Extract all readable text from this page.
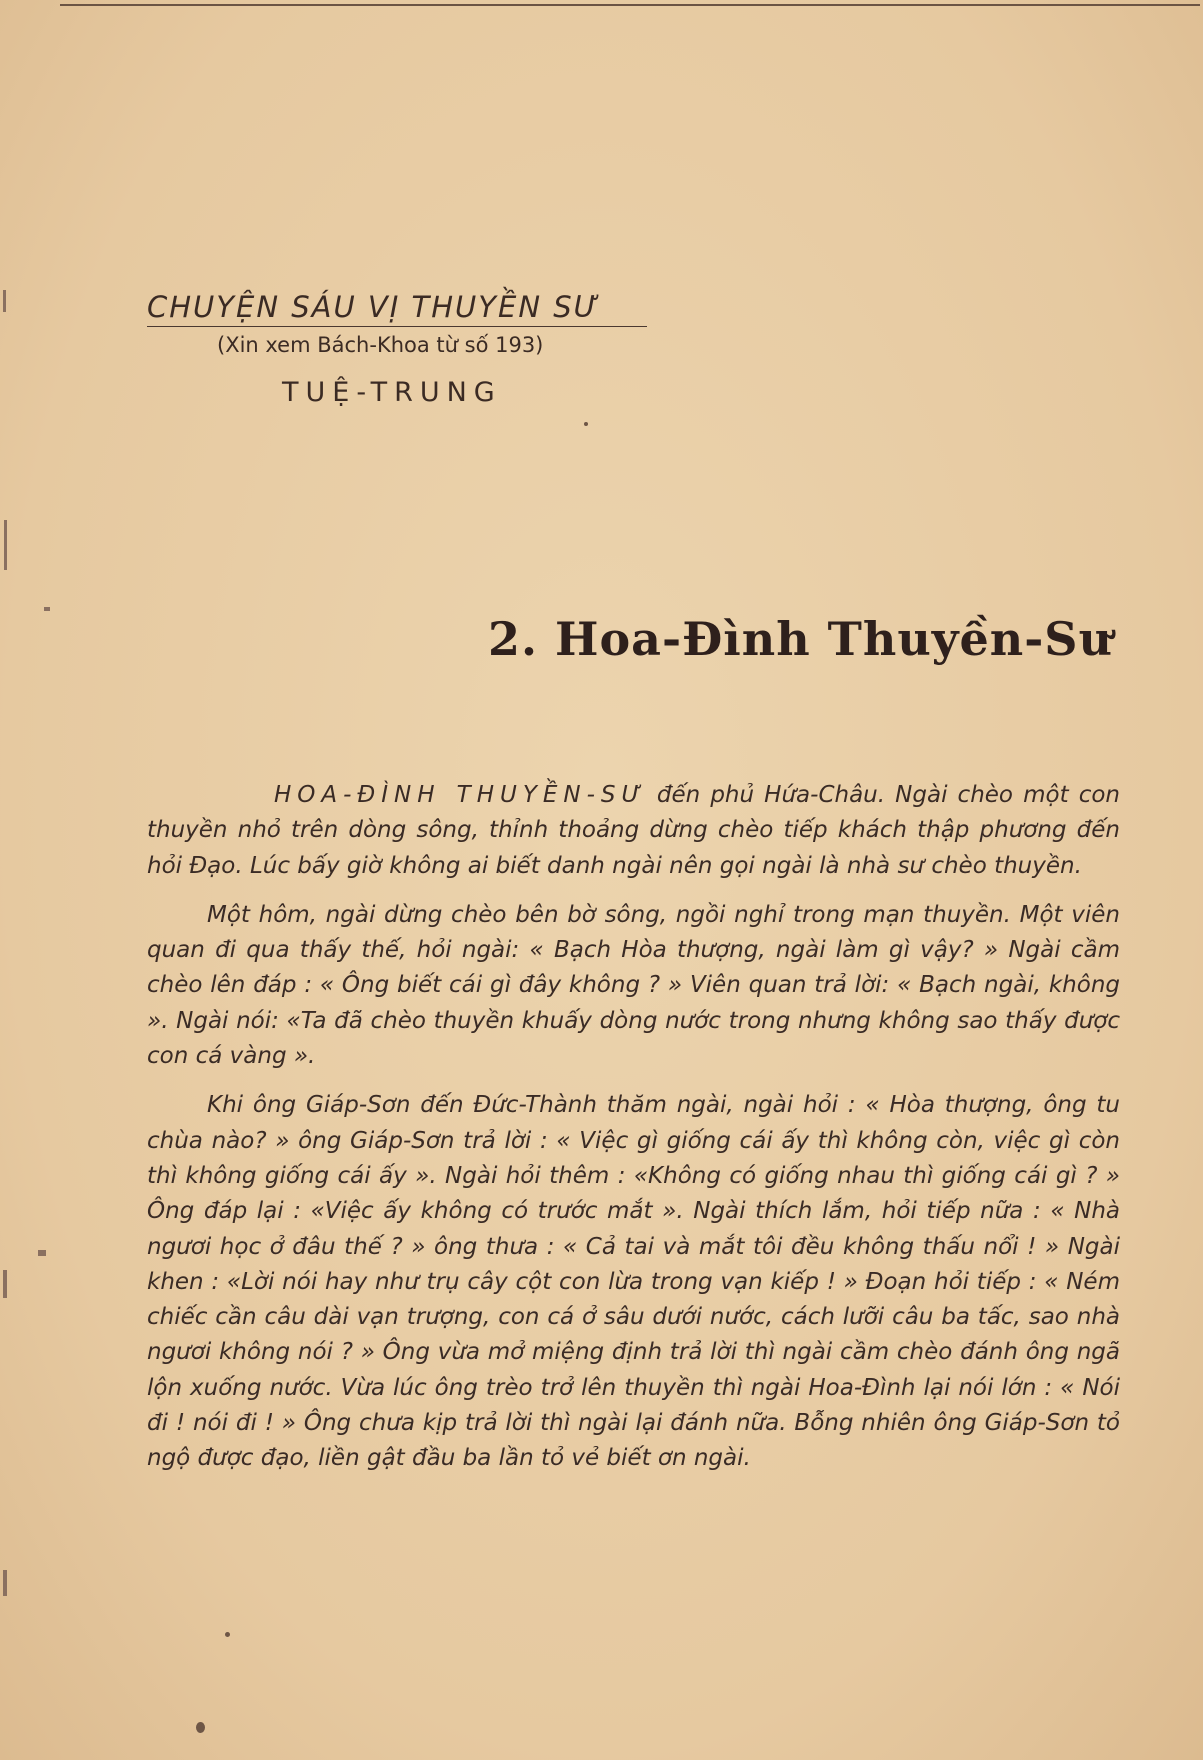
CHUYỆN SÁU VỊ THUYỀN SƯ
(Xin xem Bách-Khoa từ số 193)
TUỆ-TRUNG
2. Hoa-Đình Thuyền-Sư

HOA-ĐÌNH THUYỀN-SƯ đến phủ Hứa-Châu. Ngài chèo một con thuyền nhỏ trên dòng sông, thỉnh thoảng dừng chèo tiếp khách thập phương đến hỏi Đạo. Lúc bấy giờ không ai biết danh ngài nên gọi ngài là nhà sư chèo thuyền.

Một hôm, ngài dừng chèo bên bờ sông, ngồi nghỉ trong mạn thuyền. Một viên quan đi qua thấy thế, hỏi ngài: « Bạch Hòa thượng, ngài làm gì vậy? » Ngài cầm chèo lên đáp : « Ông biết cái gì đây không ? » Viên quan trả lời: « Bạch ngài, không ». Ngài nói: «Ta đã chèo thuyền khuấy dòng nước trong nhưng không sao thấy được con cá vàng ».

Khi ông Giáp-Sơn đến Đức-Thành thăm ngài, ngài hỏi : « Hòa thượng, ông tu chùa nào? » ông Giáp-Sơn trả lời : « Việc gì giống cái ấy thì không còn, việc gì còn thì không giống cái ấy ». Ngài hỏi thêm : «Không có giống nhau thì giống cái gì ? » Ông đáp lại : «Việc ấy không có trước mắt ». Ngài thích lắm, hỏi tiếp nữa : « Nhà ngươi học ở đâu thế ? » ông thưa : « Cả tai và mắt tôi đều không thấu nổi ! » Ngài khen : «Lời nói hay như trụ cây cột con lừa trong vạn kiếp ! » Đoạn hỏi tiếp : « Ném chiếc cần câu dài vạn trượng, con cá ở sâu dưới nước, cách lưỡi câu ba tấc, sao nhà ngươi không nói ? » Ông vừa mở miệng định trả lời thì ngài cầm chèo đánh ông ngã lộn xuống nước. Vừa lúc ông trèo trở lên thuyền thì ngài Hoa-Đình lại nói lớn : « Nói đi ! nói đi ! » Ông chưa kịp trả lời thì ngài lại đánh nữa. Bỗng nhiên ông Giáp-Sơn tỏ ngộ được đạo, liền gật đầu ba lần tỏ vẻ biết ơn ngài.
